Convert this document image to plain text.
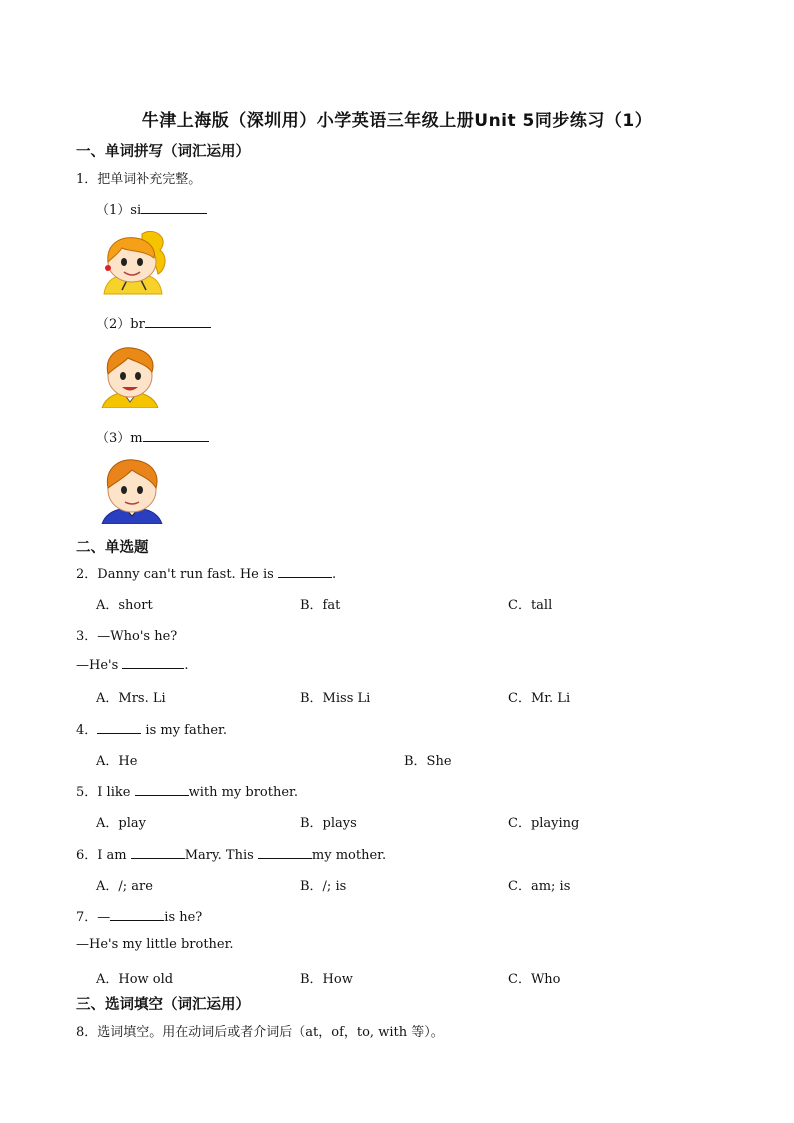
牛津上海版（深圳用）小学英语三年级上册Unit 5同步练习（1）
一、单词拼写（词汇运用）
1．把单词补充完整。
（1）si
（2）br
（3）m
二、单选题
2．Danny can't run fast. He is	.
A．short	B．fat	C．tall
3．—Who's he?
—He's	.
A．Mrs. Li	B．Miss Li	C．Mr. Li
4．	is my father.
A．He	B．She
5．I like	with my brother.
A．play	B．plays	C．playing
6．I am	Mary. This	my mother.
A．/; are	B．/; is	C．am; is
7．—	is he?
—He's my little brother.
A．How old	B．How	C．Who
三、选词填空（词汇运用）
8．选词填空。用在动词后或者介词后（at，of，to, with 等）。
